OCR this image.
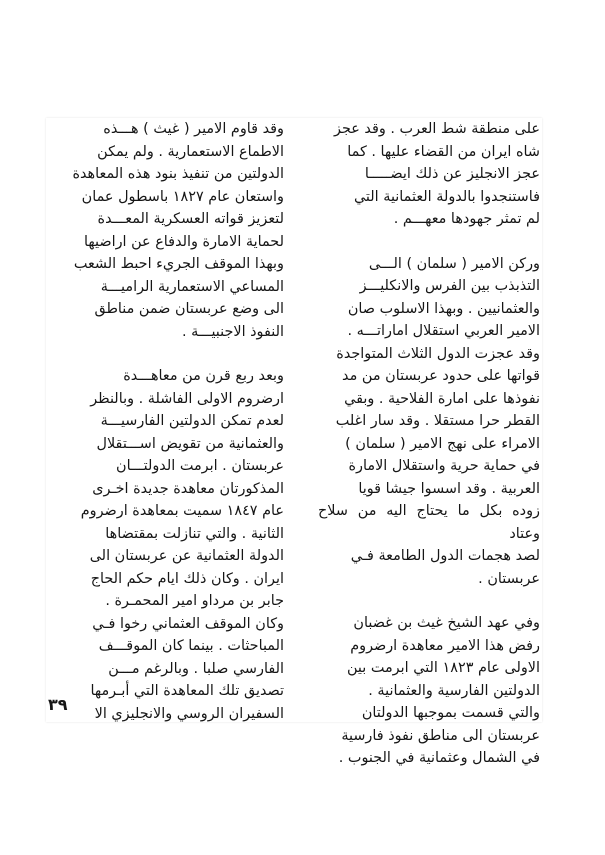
على منطقة شط العرب . وقد عجز
شاه ايران من القضاء عليها . كما
عجز الانجليز عن ذلك ايضـــــا
فاستنجدوا بالدولة العثمانية التي
لم تمثر جهودها معهـــم .

وركن الامير ( سلمان ) الـــى
التذبذب بين الفرس والانكليـــز
والعثمانيين . وبهذا الاسلوب صان
الامير العربي استقلال اماراتـــه .
وقد عجزت الدول الثلاث المتواجدة
قواتها على حدود عربستان من مد
نفوذها على امارة الفلاحية . وبقي
القطر حرا مستقلا . وقد سار اغلب
الامراء على نهج الامير ( سلمان )
في حماية حرية واستقلال الامارة
العربية . وقد اسسوا جيشا قويا
زوده بكل ما يحتاج اليه من سلاح وعتاد
لصد هجمات الدول الطامعة فـي
عربستان .

وفي عهد الشيخ غيث بن غضبان
رفض هذا الامير معاهدة ارضروم
الاولى عام ١٨٢٣ التي ابرمت بين
الدولتين الفارسية والعثمانية .
والتي قسمت بموجبها الدولتان
عربستان الى مناطق نفوذ فارسية
في الشمال وعثمانية في الجنوب .

وقد قاوم الامير ( غيث ) هـــذه
الاطماع الاستعمارية . ولم يمكن
الدولتين من تنفيذ بنود هذه المعاهدة
واستعان عام ١٨٢٧ باسطول عمان
لتعزيز قواته العسكرية المعـــدة
لحماية الامارة والدفاع عن اراضيها
وبهذا الموقف الجريء احبط الشعب
المساعي الاستعمارية الراميـــة
الى وضع عربستان ضمن مناطق
النفوذ الاجنبيـــة .

وبعد ربع قرن من معاهـــدة
ارضروم الاولى الفاشلة . وبالنظر
لعدم تمكن الدولتين الفارسيـــة
والعثمانية من تقويض اســـتقلال
عربستان . ابرمت الدولتـــان
المذكورتان معاهدة جديدة اخـرى
عام ١٨٤٧ سميت بمعاهدة ارضروم
الثانية . والتي تنازلت بمقتضاها
الدولة العثمانية عن عربستان الى
ايران . وكان ذلك ايام حكم الحاج
جابر بن مرداو امير المحمـرة .
وكان الموقف العثماني رخوا فـي
المباحثات . بينما كان الموقـــف
الفارسي صلبا . وبالرغم مـــن
تصديق تلك المعاهدة التي أبـرمها
السفيران الروسي والانجليزي الا

٣٩
